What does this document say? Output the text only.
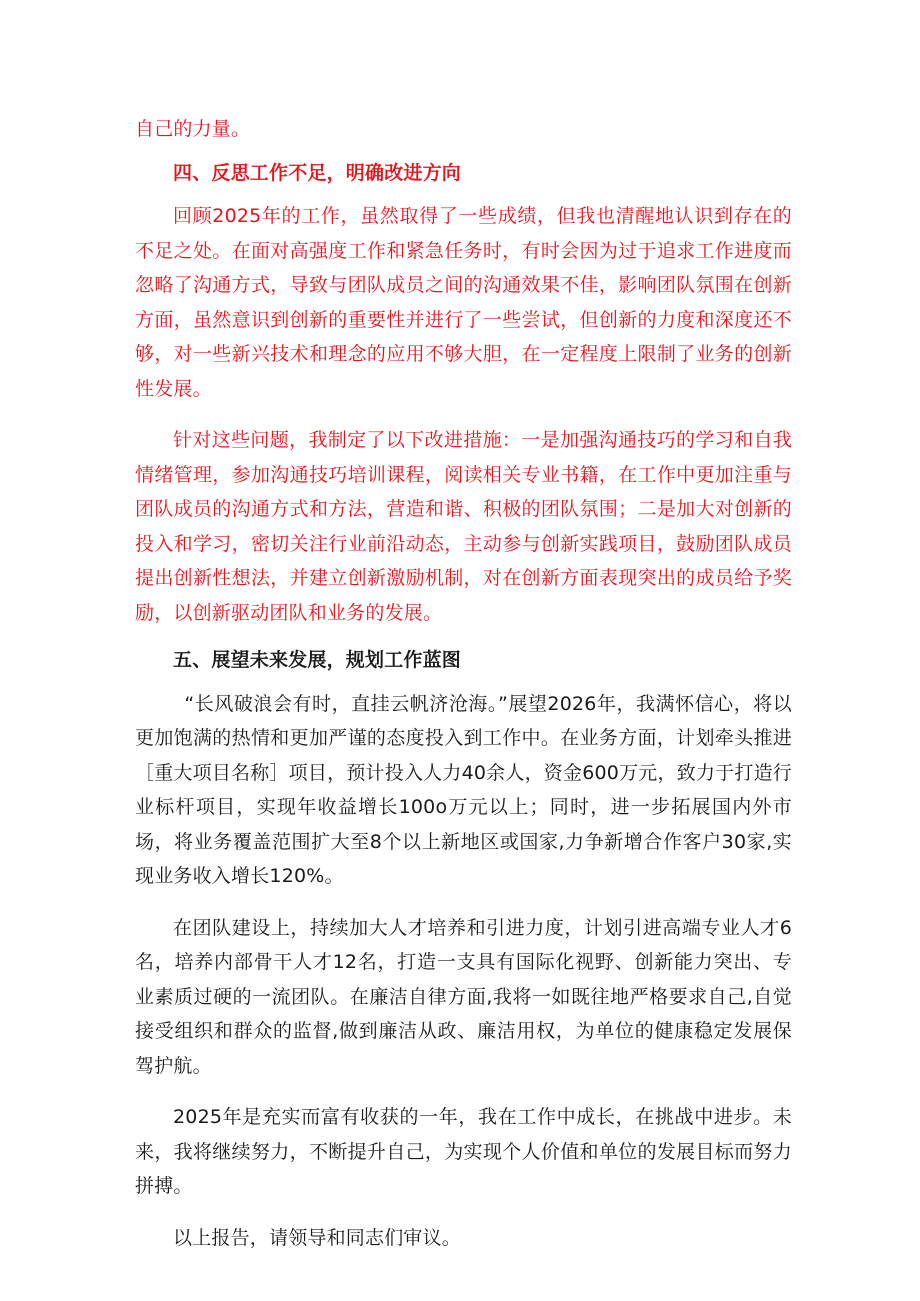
自己的力量。

四、反思工作不足，明确改进方向

回顾2025年的工作，虽然取得了一些成绩，但我也清醒地认识到存在的不足之处。在面对高强度工作和紧急任务时，有时会因为过于追求工作进度而忽略了沟通方式，导致与团队成员之间的沟通效果不佳，影响团队氛围在创新方面，虽然意识到创新的重要性并进行了一些尝试，但创新的力度和深度还不够，对一些新兴技术和理念的应用不够大胆，在一定程度上限制了业务的创新性发展。

针对这些问题，我制定了以下改进措施：一是加强沟通技巧的学习和自我情绪管理，参加沟通技巧培训课程，阅读相关专业书籍，在工作中更加注重与团队成员的沟通方式和方法，营造和谐、积极的团队氛围；二是加大对创新的投入和学习，密切关注行业前沿动态，主动参与创新实践项目，鼓励团队成员提出创新性想法，并建立创新激励机制，对在创新方面表现突出的成员给予奖励，以创新驱动团队和业务的发展。

五、展望未来发展，规划工作蓝图

“长风破浪会有时，直挂云帆济沧海。”展望2026年，我满怀信心，将以更加饱满的热情和更加严谨的态度投入到工作中。在业务方面，计划牵头推进［重大项目名称］项目，预计投入人力40余人，资金600万元，致力于打造行业标杆项目，实现年收益增长100o万元以上；同时，进一步拓展国内外市场，将业务覆盖范围扩大至8个以上新地区或国家,力争新增合作客户30家,实现业务收入增长120%。

在团队建设上，持续加大人才培养和引进力度，计划引进高端专业人才6名，培养内部骨干人才12名，打造一支具有国际化视野、创新能力突出、专业素质过硬的一流团队。在廉洁自律方面,我将一如既往地严格要求自己,自觉接受组织和群众的监督,做到廉洁从政、廉洁用权，为单位的健康稳定发展保驾护航。

2025年是充实而富有收获的一年，我在工作中成长，在挑战中进步。未来，我将继续努力，不断提升自己，为实现个人价值和单位的发展目标而努力拼搏。

以上报告，请领导和同志们审议。
